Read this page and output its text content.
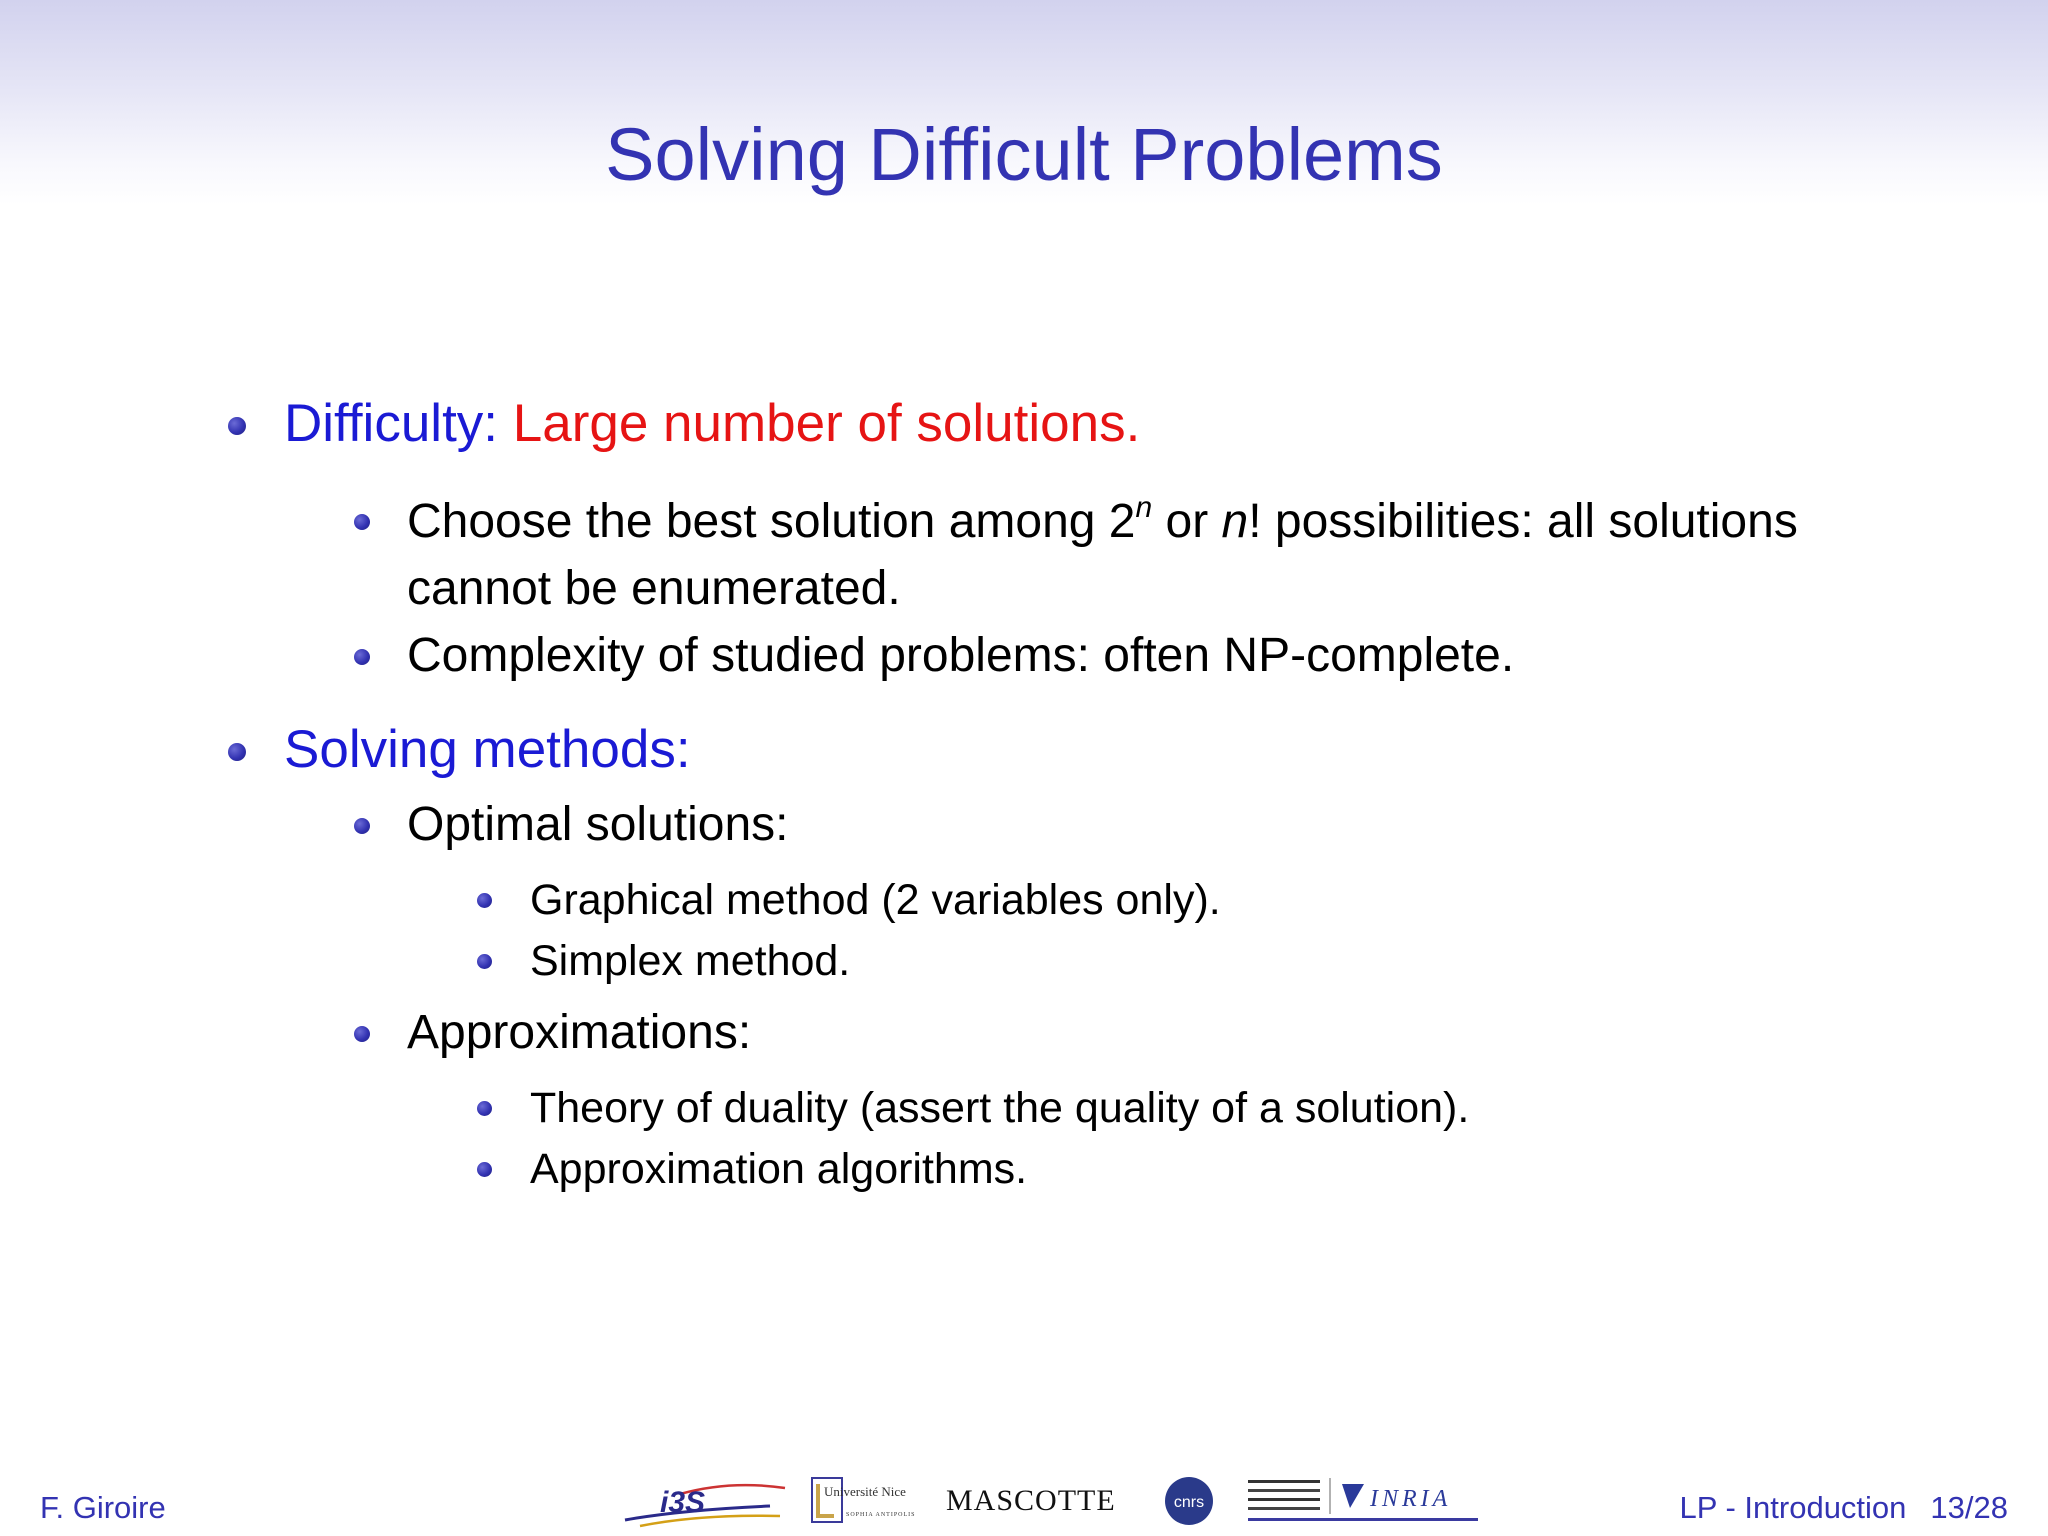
Solving Difficult Problems
Difficulty: Large number of solutions.
Choose the best solution among 2$^n$ or n! possibilities: all solutions
cannot be enumerated.
Complexity of studied problems: often NP-complete.
Solving methods:
Optimal solutions:
Graphical method (2 variables only).
Simplex method.
Approximations:
Theory of duality (assert the quality of a solution).
Approximation algorithms.
F. Giroire	i3S	Université Nice
SOPHIA ANTIPOLIS MASCOTTE	cnrs	INRIA	LP - Introduction 13/28
